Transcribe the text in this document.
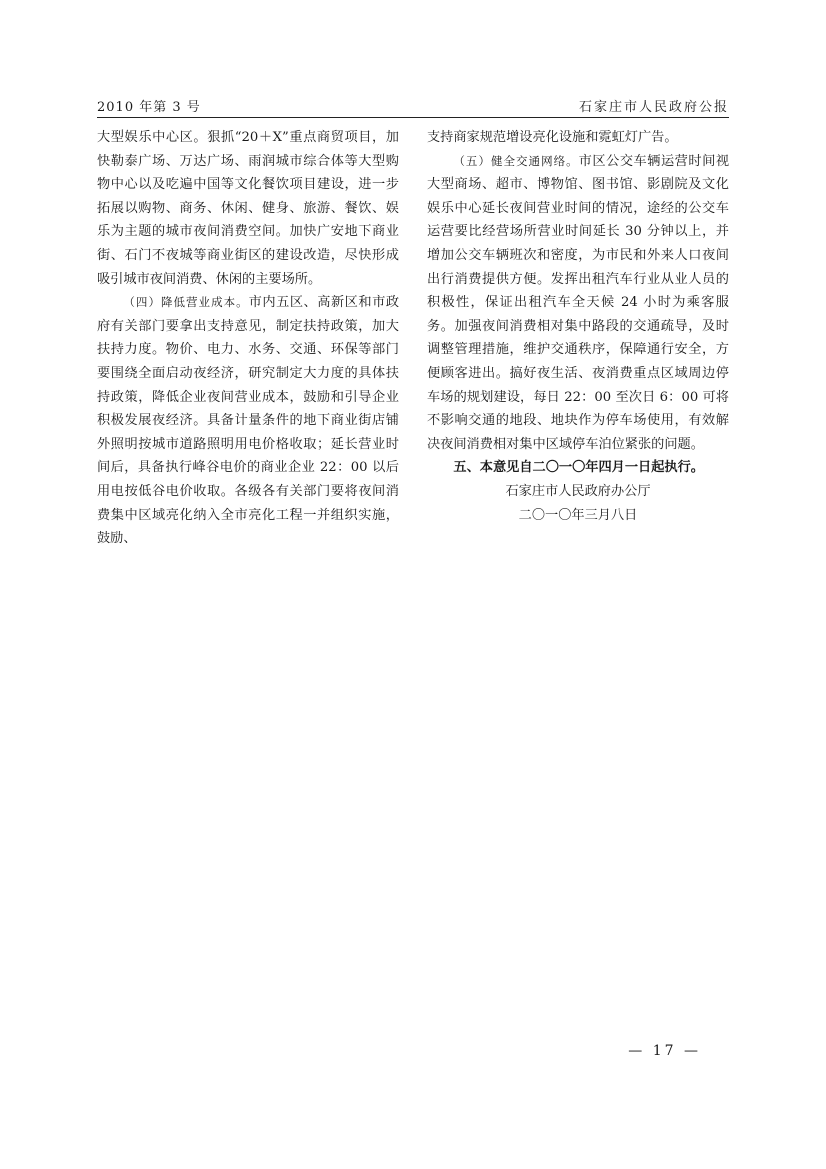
2010 年第 3 号	石家庄市人民政府公报

大型娱乐中心区。狠抓“20＋X”重点商贸项目，加快勒泰广场、万达广场、雨润城市综合体等大型购物中心以及吃遍中国等文化餐饮项目建设，进一步拓展以购物、商务、休闲、健身、旅游、餐饮、娱乐为主题的城市夜间消费空间。加快广安地下商业街、石门不夜城等商业街区的建设改造，尽快形成吸引城市夜间消费、休闲的主要场所。

（四）降低营业成本。市内五区、高新区和市政府有关部门要拿出支持意见，制定扶持政策，加大扶持力度。物价、电力、水务、交通、环保等部门要围绕全面启动夜经济，研究制定大力度的具体扶持政策，降低企业夜间营业成本，鼓励和引导企业积极发展夜经济。具备计量条件的地下商业街店铺外照明按城市道路照明用电价格收取；延长营业时间后，具备执行峰谷电价的商业企业 22：00 以后用电按低谷电价收取。各级各有关部门要将夜间消费集中区域亮化纳入全市亮化工程一并组织实施，鼓励、

支持商家规范增设亮化设施和霓虹灯广告。

（五）健全交通网络。市区公交车辆运营时间视大型商场、超市、博物馆、图书馆、影剧院及文化娱乐中心延长夜间营业时间的情况，途经的公交车运营要比经营场所营业时间延长 30 分钟以上，并增加公交车辆班次和密度，为市民和外来人口夜间出行消费提供方便。发挥出租汽车行业从业人员的积极性，保证出租汽车全天候 24 小时为乘客服务。加强夜间消费相对集中路段的交通疏导，及时调整管理措施，维护交通秩序，保障通行安全，方便顾客进出。搞好夜生活、夜消费重点区域周边停车场的规划建设，每日 22：00 至次日 6：00 可将不影响交通的地段、地块作为停车场使用，有效解决夜间消费相对集中区域停车泊位紧张的问题。

五、本意见自二〇一〇年四月一日起执行。

石家庄市人民政府办公厅

二〇一〇年三月八日

— 17 —
